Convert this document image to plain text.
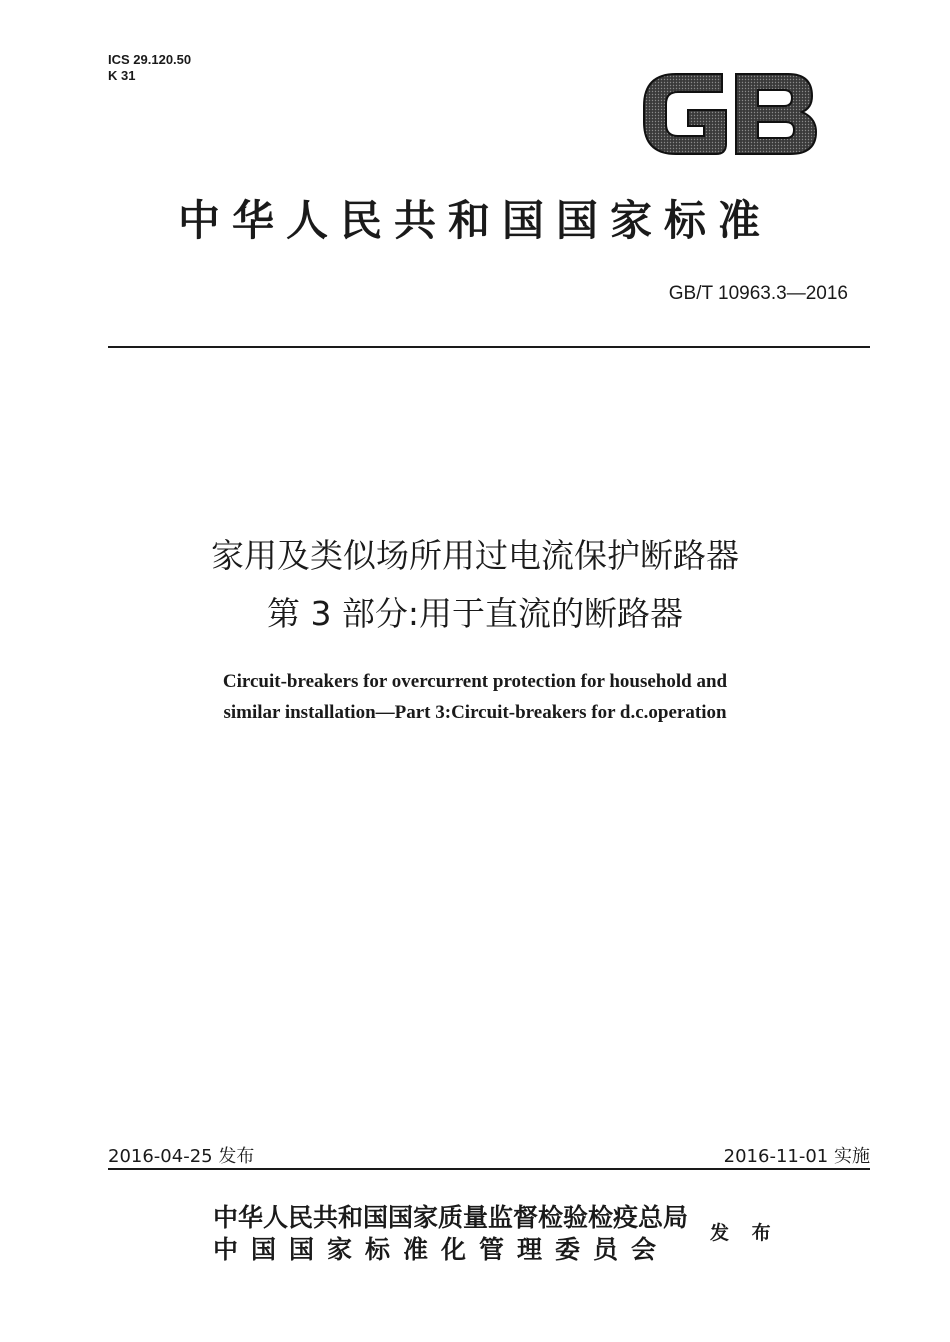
ICS 29.120.50
K 31
GB
中华人民共和国国家标准
GB/T 10963.3—2016
家用及类似场所用过电流保护断路器
第 3 部分:用于直流的断路器
Circuit-breakers for overcurrent protection for household and
similar installation—Part 3:Circuit-breakers for d.c.operation
2016-04-25 发布	2016-11-01 实施
中华人民共和国国家质量监督检验检疫总局
中国国家标准化管理委员会
发 布
